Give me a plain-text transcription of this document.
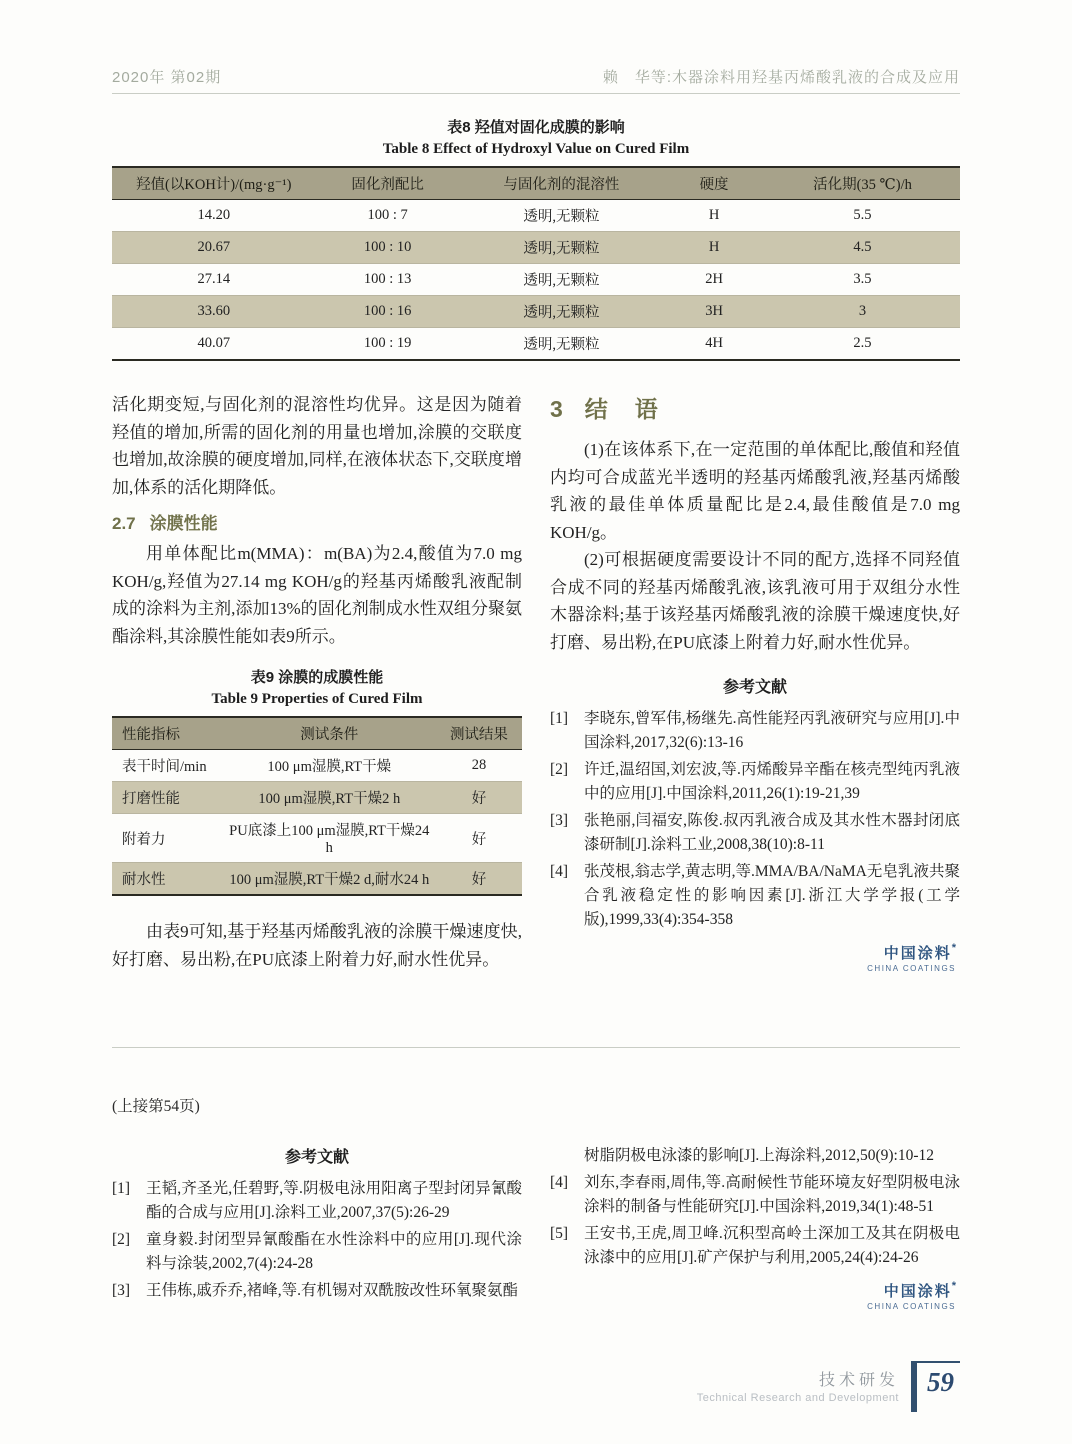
2020年 第02期	赖　华等:木器涂料用羟基丙烯酸乳液的合成及应用
表8 羟值对固化成膜的影响
Table 8 Effect of Hydroxyl Value on Cured Film
羟值(以KOH计)/(mg·g⁻¹)	固化剂配比	与固化剂的混溶性	硬度	活化期(35 ℃)/h
14.20	100 : 7	透明,无颗粒	H	5.5
20.67	100 : 10	透明,无颗粒	H	4.5
27.14	100 : 13	透明,无颗粒	2H	3.5
33.60	100 : 16	透明,无颗粒	3H	3
40.07	100 : 19	透明,无颗粒	4H	2.5

活化期变短,与固化剂的混溶性均优异。这是因为随着羟值的增加,所需的固化剂的用量也增加,涂膜的交联度也增加,故涂膜的硬度增加,同样,在液体状态下,交联度增加,体系的活化期降低。

2.7 涂膜性能

用单体配比m(MMA)：m(BA)为2.4,酸值为7.0 mg KOH/g,羟值为27.14 mg KOH/g的羟基丙烯酸乳液配制成的涂料为主剂,添加13%的固化剂制成水性双组分聚氨酯涂料,其涂膜性能如表9所示。

表9 涂膜的成膜性能
Table 9 Properties of Cured Film
性能指标	测试条件	测试结果
表干时间/min	100 μm湿膜,RT干燥	28
打磨性能	100 μm湿膜,RT干燥2 h	好
附着力	PU底漆上100 μm湿膜,RT干燥24 h	好
耐水性	100 μm湿膜,RT干燥2 d,耐水24 h	好

由表9可知,基于羟基丙烯酸乳液的涂膜干燥速度快,好打磨、易出粉,在PU底漆上附着力好,耐水性优异。

3 结　语

(1)在该体系下,在一定范围的单体配比,酸值和羟值内均可合成蓝光半透明的羟基丙烯酸乳液,羟基丙烯酸乳液的最佳单体质量配比是2.4,最佳酸值是7.0 mg KOH/g。

(2)可根据硬度需要设计不同的配方,选择不同羟值合成不同的羟基丙烯酸乳液,该乳液可用于双组分水性木器涂料;基于该羟基丙烯酸乳液的涂膜干燥速度快,好打磨、易出粉,在PU底漆上附着力好,耐水性优异。

参考文献
[1]	李晓东,曾军伟,杨继先.高性能羟丙乳液研究与应用[J].中国涂料,2017,32(6):13-16
[2]	许迁,温绍国,刘宏波,等.丙烯酸异辛酯在核壳型纯丙乳液中的应用[J].中国涂料,2011,26(1):19-21,39
[3]	张艳丽,闫福安,陈俊.叔丙乳液合成及其水性木器封闭底漆研制[J].涂料工业,2008,38(10):8-11
[4]	张茂根,翁志学,黄志明,等.MMA/BA/NaMA无皂乳液共聚合乳液稳定性的影响因素[J].浙江大学学报(工学版),1999,33(4):354-358
中国涂料*
CHINA COATINGS
(上接第54页)
参考文献
[1]	王韬,齐圣光,任碧野,等.阴极电泳用阳离子型封闭异氰酸酯的合成与应用[J].涂料工业,2007,37(5):26-29
[2]	童身毅.封闭型异氰酸酯在水性涂料中的应用[J].现代涂料与涂装,2002,7(4):24-28
[3]	王伟栋,戚乔乔,褚峰,等.有机锡对双酰胺改性环氧聚氨酯
树脂阴极电泳漆的影响[J].上海涂料,2012,50(9):10-12
[4]	刘东,李春雨,周伟,等.高耐候性节能环境友好型阴极电泳涂料的制备与性能研究[J].中国涂料,2019,34(1):48-51
[5]	王安书,王虎,周卫峰.沉积型高岭土深加工及其在阴极电泳漆中的应用[J].矿产保护与利用,2005,24(4):24-26
中国涂料*
CHINA COATINGS
技术研发
Technical Research and Development
59
